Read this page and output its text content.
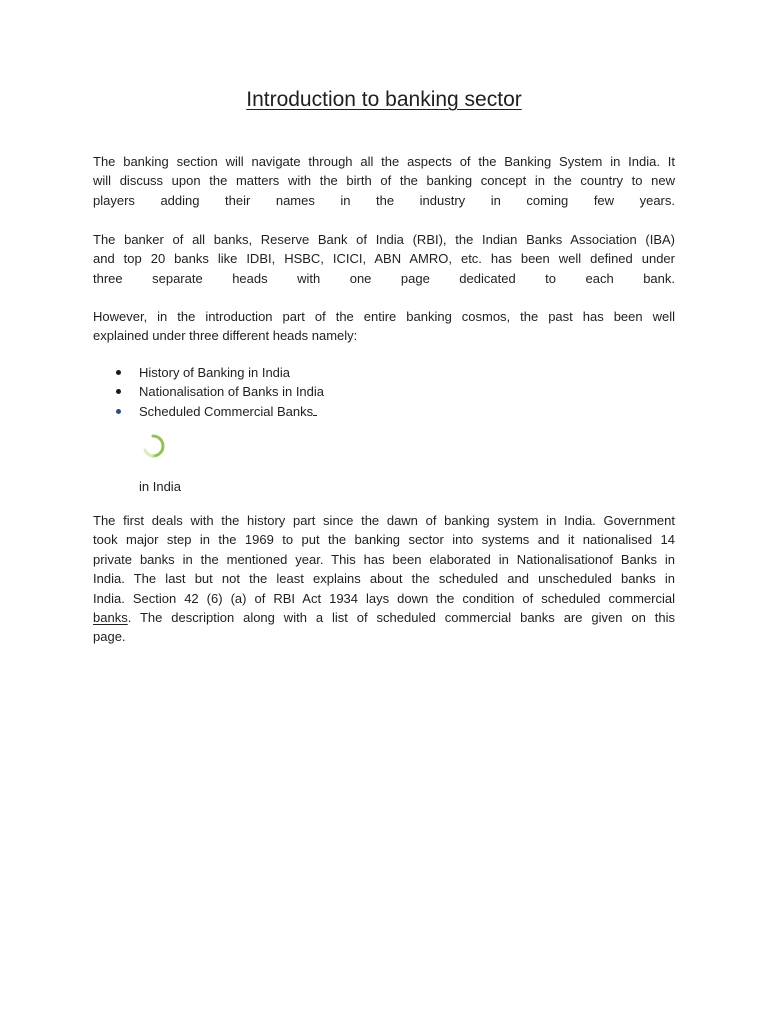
Introduction to banking sector
The banking section will navigate through all the aspects of the Banking System in India. It
will discuss upon the matters with the birth of the banking concept in the country to new
players adding their names in the industry in coming few years.
The banker of all banks, Reserve Bank of India (RBI), the Indian Banks Association (IBA)
and top 20 banks like IDBI, HSBC, ICICI, ABN AMRO, etc. has been well defined under
three separate heads with one page dedicated to each bank.
However, in the introduction part of the entire banking cosmos, the past has been well
explained under three different heads namely:
History of Banking in India
Nationalisation of Banks in India
Scheduled Commercial Banks
in India
The first deals with the history part since the dawn of banking system in India. Government
took major step in the 1969 to put the banking sector into systems and it nationalised 14
private banks in the mentioned year. This has been elaborated in Nationalisationof Banks in
India. The last but not the least explains about the scheduled and unscheduled banks in
India. Section 42 (6) (a) of RBI Act 1934 lays down the condition of scheduled commercial
banks. The description along with a list of scheduled commercial banks are given on this
page.
